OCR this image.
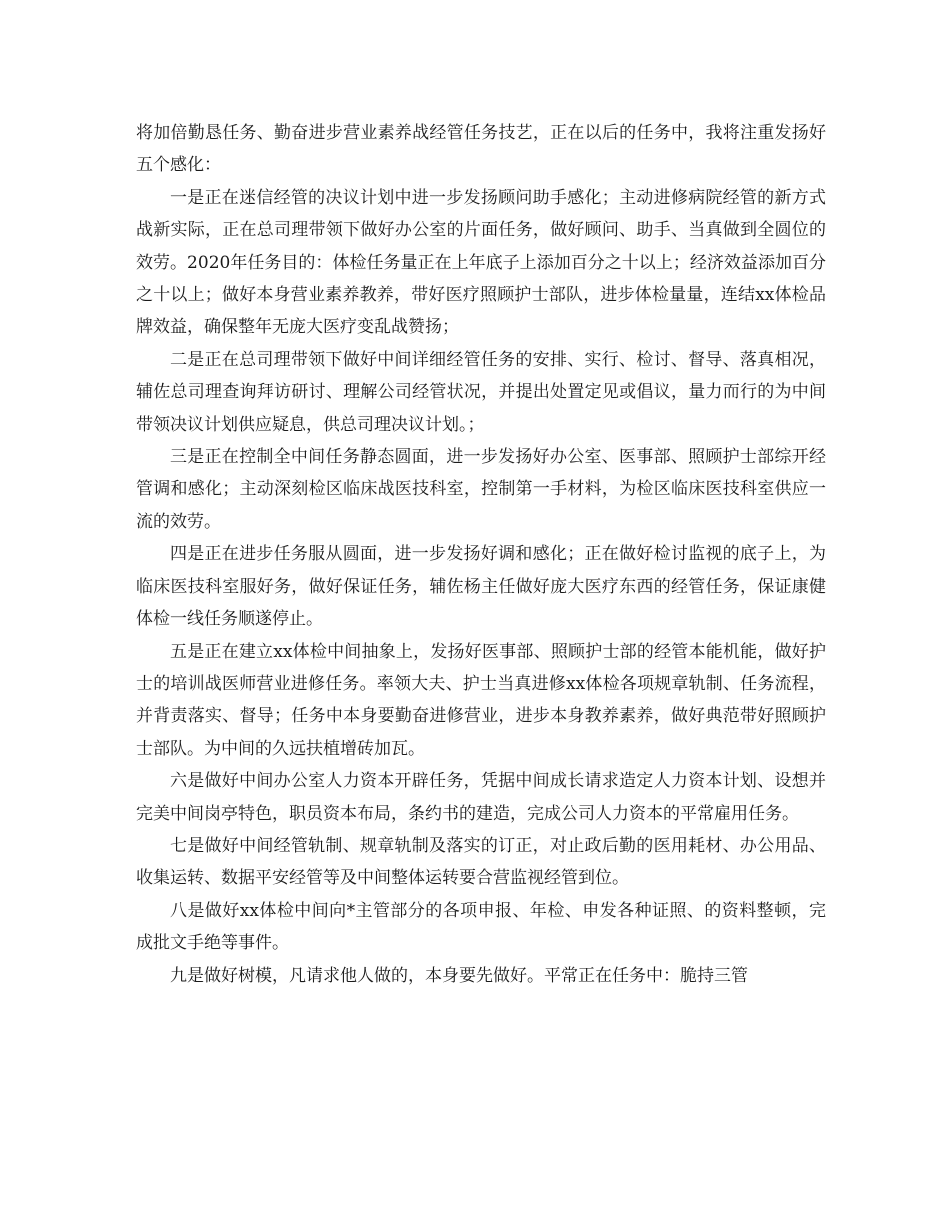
将加倍勤恳任务、勤奋进步营业素养战经管任务技艺，正在以后的任务中，我将注重发扬好五个感化：

一是正在迷信经管的决议计划中进一步发扬顾问助手感化；主动进修病院经管的新方式战新实际，正在总司理带领下做好办公室的片面任务，做好顾问、助手、当真做到全圆位的效劳。2020年任务目的：体检任务量正在上年底子上添加百分之十以上；经济效益添加百分之十以上；做好本身营业素养教养，带好医疗照顾护士部队，进步体检量量，连结xx体检品牌效益，确保整年无庞大医疗变乱战赞扬；

二是正在总司理带领下做好中间详细经管任务的安排、实行、检讨、督导、落真相况，辅佐总司理查询拜访研讨、理解公司经管状况，并提出处置定见或倡议，量力而行的为中间带领决议计划供应疑息，供总司理决议计划。；

三是正在控制全中间任务静态圆面，进一步发扬好办公室、医事部、照顾护士部综开经管调和感化；主动深刻检区临床战医技科室，控制第一手材料，为检区临床医技科室供应一流的效劳。

四是正在进步任务服从圆面，进一步发扬好调和感化；正在做好检讨监视的底子上，为临床医技科室服好务，做好保证任务，辅佐杨主任做好庞大医疗东西的经管任务，保证康健体检一线任务顺遂停止。

五是正在建立xx体检中间抽象上，发扬好医事部、照顾护士部的经管本能机能，做好护士的培训战医师营业进修任务。率领大夫、护士当真进修xx体检各项规章轨制、任务流程，并背责落实、督导；任务中本身要勤奋进修营业，进步本身教养素养，做好典范带好照顾护士部队。为中间的久远扶植增砖加瓦。

六是做好中间办公室人力资本开辟任务，凭据中间成长请求造定人力资本计划、设想并完美中间岗亭特色，职员资本布局，条约书的建造，完成公司人力资本的平常雇用任务。

七是做好中间经管轨制、规章轨制及落实的订正，对止政后勤的医用耗材、办公用品、收集运转、数据平安经管等及中间整体运转要合营监视经管到位。

八是做好xx体检中间向*主管部分的各项申报、年检、申发各种证照、的资料整顿，完成批文手绝等事件。

九是做好树模，凡请求他人做的，本身要先做好。平常正在任务中：脆持三管
